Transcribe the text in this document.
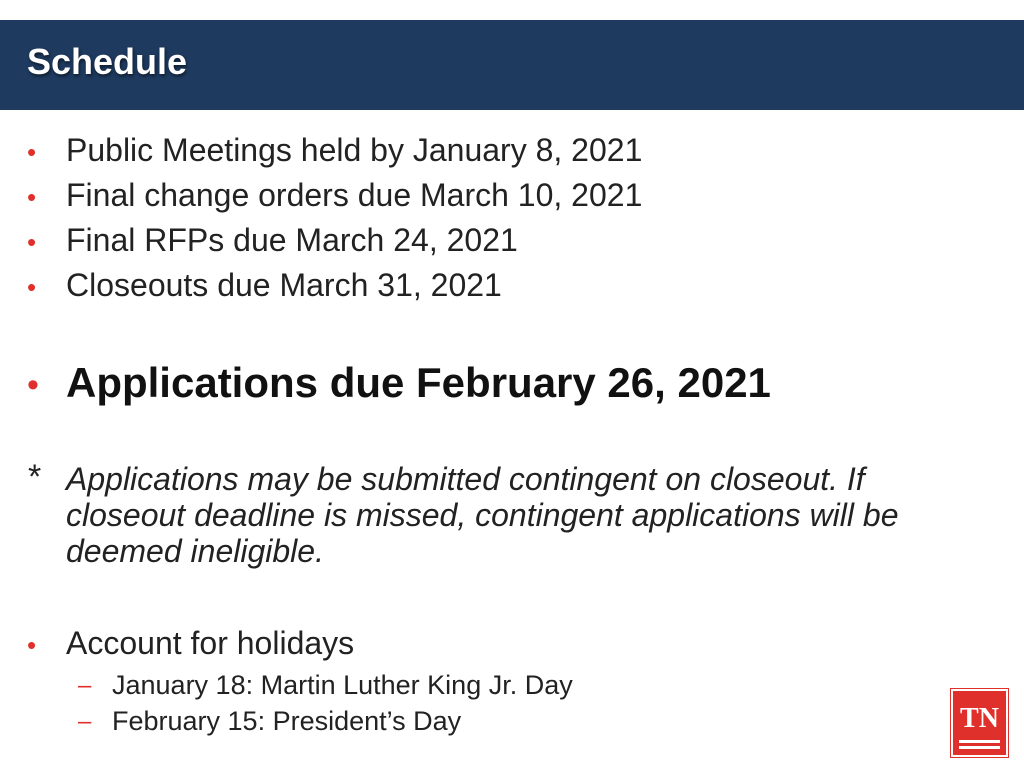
Schedule
• Public Meetings held by January 8, 2021
• Final change orders due March 10, 2021
• Final RFPs due March 24, 2021
• Closeouts due March 31, 2021
• Applications due February 26, 2021
* Applications may be submitted contingent on closeout. If closeout deadline is missed, contingent applications will be deemed ineligible.
• Account for holidays
– January 18: Martin Luther King Jr. Day
– February 15: President’s Day	TN
